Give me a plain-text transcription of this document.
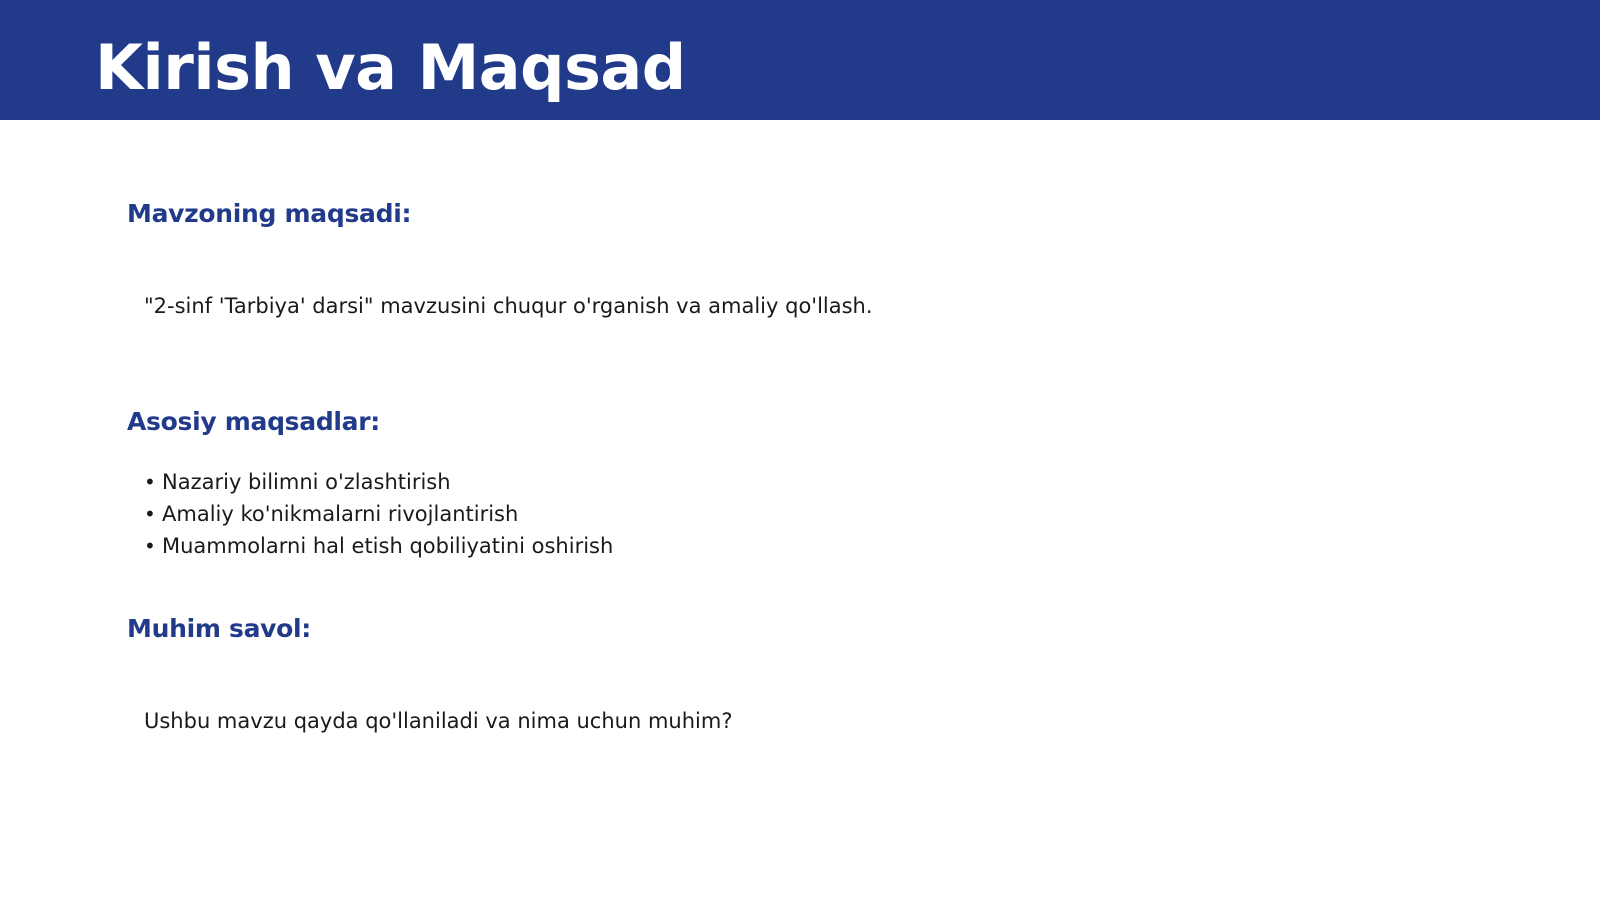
Kirish va Maqsad
Mavzoning maqsadi:

"2-sinf 'Tarbiya' darsi" mavzusini chuqur o'rganish va amaliy qo'llash.

Asosiy maqsadlar:
• Nazariy bilimni o'zlashtirish
• Amaliy ko'nikmalarni rivojlantirish
• Muammolarni hal etish qobiliyatini oshirish
Muhim savol:

Ushbu mavzu qayda qo'llaniladi va nima uchun muhim?
